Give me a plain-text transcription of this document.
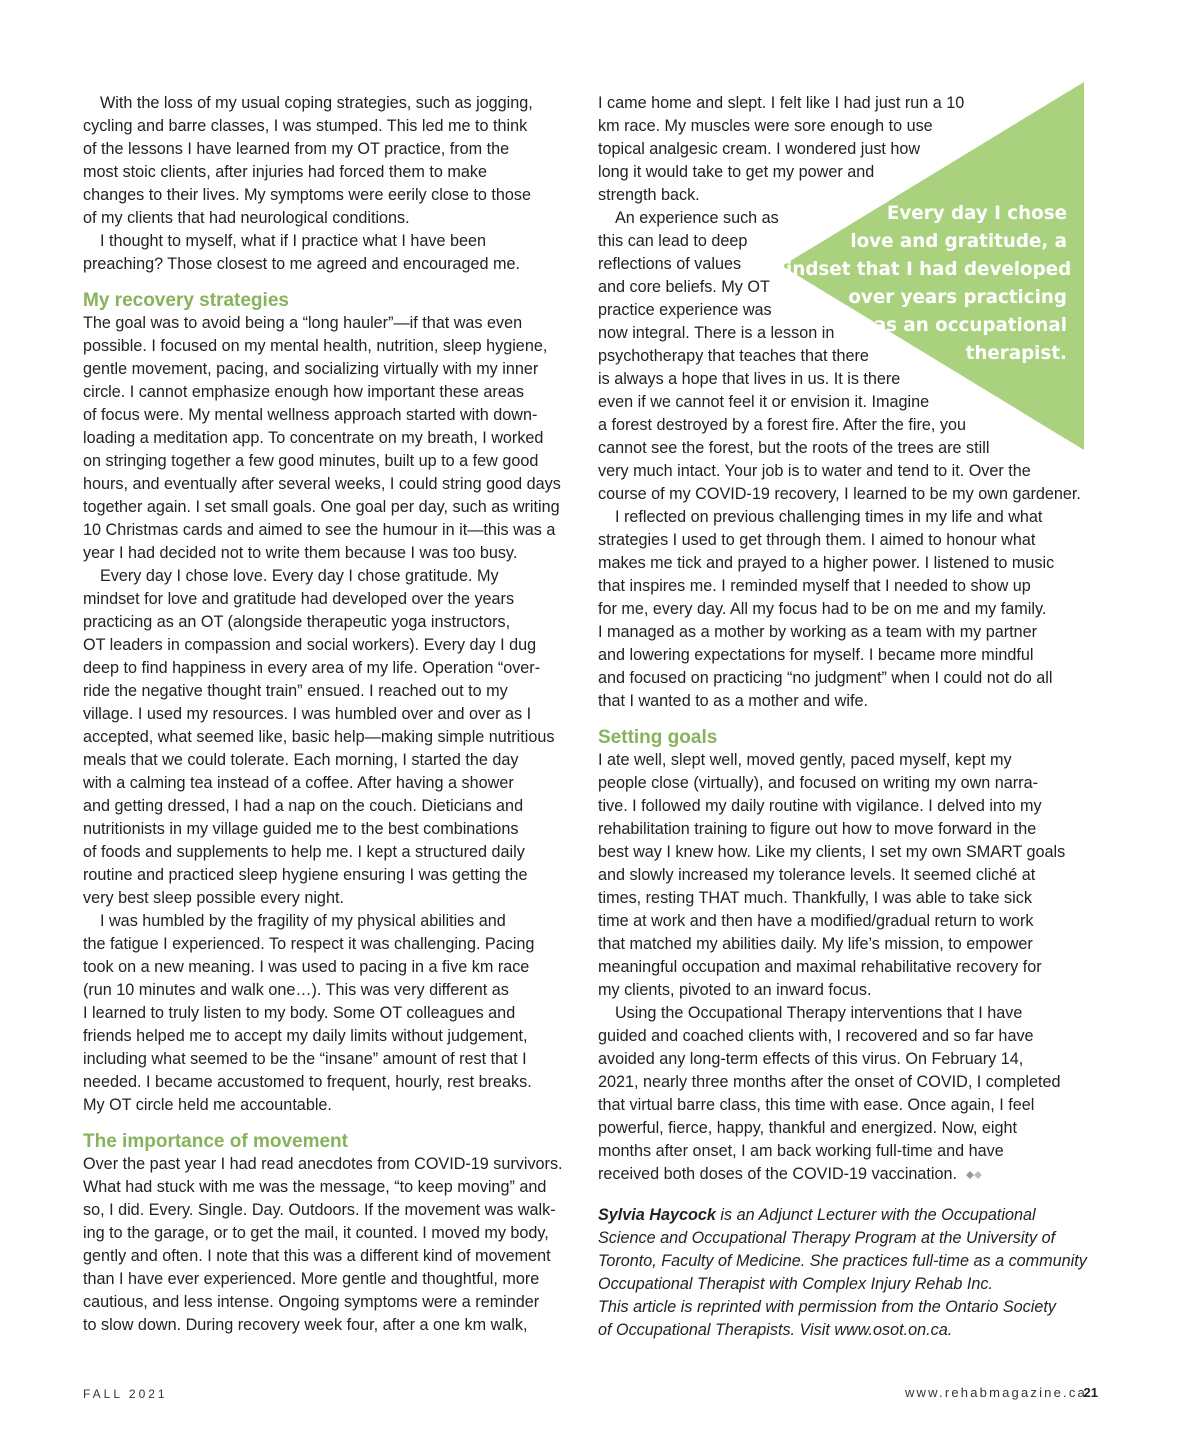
With the loss of my usual coping strategies, such as jogging,
cycling and barre classes, I was stumped. This led me to think
of the lessons I have learned from my OT practice, from the
most stoic clients, after injuries had forced them to make
changes to their lives. My symptoms were eerily close to those
of my clients that had neurological conditions.
I thought to myself, what if I practice what I have been
preaching? Those closest to me agreed and encouraged me.
My recovery strategies
The goal was to avoid being a “long hauler”—if that was even
possible. I focused on my mental health, nutrition, sleep hygiene,
gentle movement, pacing, and socializing virtually with my inner
circle. I cannot emphasize enough how important these areas
of focus were. My mental wellness approach started with down-
loading a meditation app. To concentrate on my breath, I worked
on stringing together a few good minutes, built up to a few good
hours, and eventually after several weeks, I could string good days
together again. I set small goals. One goal per day, such as writing
10 Christmas cards and aimed to see the humour in it—this was a
year I had decided not to write them because I was too busy.
Every day I chose love. Every day I chose gratitude. My
mindset for love and gratitude had developed over the years
practicing as an OT (alongside therapeutic yoga instructors,
OT leaders in compassion and social workers). Every day I dug
deep to find happiness in every area of my life. Operation “over-
ride the negative thought train” ensued. I reached out to my
village. I used my resources. I was humbled over and over as I
accepted, what seemed like, basic help—making simple nutritious
meals that we could tolerate. Each morning, I started the day
with a calming tea instead of a coffee. After having a shower
and getting dressed, I had a nap on the couch. Dieticians and
nutritionists in my village guided me to the best combinations
of foods and supplements to help me. I kept a structured daily
routine and practiced sleep hygiene ensuring I was getting the
very best sleep possible every night.
I was humbled by the fragility of my physical abilities and
the fatigue I experienced. To respect it was challenging. Pacing
took on a new meaning. I was used to pacing in a five km race
(run 10 minutes and walk one…). This was very different as
I learned to truly listen to my body. Some OT colleagues and
friends helped me to accept my daily limits without judgement,
including what seemed to be the “insane” amount of rest that I
needed. I became accustomed to frequent, hourly, rest breaks.
My OT circle held me accountable.
The importance of movement
Over the past year I had read anecdotes from COVID-19 survivors.
What had stuck with me was the message, “to keep moving” and
so, I did. Every. Single. Day. Outdoors. If the movement was walk-
ing to the garage, or to get the mail, it counted. I moved my body,
gently and often. I note that this was a different kind of movement
than I have ever experienced. More gentle and thoughtful, more
cautious, and less intense. Ongoing symptoms were a reminder
to slow down. During recovery week four, after a one km walk,
I came home and slept. I felt like I had just run a 10
km race. My muscles were sore enough to use
topical analgesic cream. I wondered just how
long it would take to get my power and
strength back.
An experience such as
this can lead to deep
reflections of values
and core beliefs. My OT
practice experience was
now integral. There is a lesson in
psychotherapy that teaches that there
is always a hope that lives in us. It is there
even if we cannot feel it or envision it. Imagine
a forest destroyed by a forest fire. After the fire, you
cannot see the forest, but the roots of the trees are still
very much intact. Your job is to water and tend to it. Over the
course of my COVID-19 recovery, I learned to be my own gardener.
I reflected on previous challenging times in my life and what
strategies I used to get through them. I aimed to honour what
makes me tick and prayed to a higher power. I listened to music
that inspires me. I reminded myself that I needed to show up
for me, every day. All my focus had to be on me and my family.
I managed as a mother by working as a team with my partner
and lowering expectations for myself. I became more mindful
and focused on practicing “no judgment” when I could not do all
that I wanted to as a mother and wife.
Setting goals
I ate well, slept well, moved gently, paced myself, kept my
people close (virtually), and focused on writing my own narra-
tive. I followed my daily routine with vigilance. I delved into my
rehabilitation training to figure out how to move forward in the
best way I knew how. Like my clients, I set my own SMART goals
and slowly increased my tolerance levels. It seemed cliché at
times, resting THAT much. Thankfully, I was able to take sick
time at work and then have a modified/gradual return to work
that matched my abilities daily. My life’s mission, to empower
meaningful occupation and maximal rehabilitative recovery for
my clients, pivoted to an inward focus.
Using the Occupational Therapy interventions that I have
guided and coached clients with, I recovered and so far have
avoided any long-term effects of this virus. On February 14,
2021, nearly three months after the onset of COVID, I completed
that virtual barre class, this time with ease. Once again, I feel
powerful, fierce, happy, thankful and energized. Now, eight
months after onset, I am back working full-time and have
received both doses of the COVID-19 vaccination.
Sylvia Haycock is an Adjunct Lecturer with the Occupational
Science and Occupational Therapy Program at the University of
Toronto, Faculty of Medicine. She practices full-time as a community
Occupational Therapist with Complex Injury Rehab Inc.
This article is reprinted with permission from the Ontario Society
of Occupational Therapists. Visit www.osot.on.ca.
Every day I chose
love and gratitude, a
mindset that I had developed
over years practicing
as an occupational
therapist.
FALL 2021	www.rehabmagazine.ca
21
